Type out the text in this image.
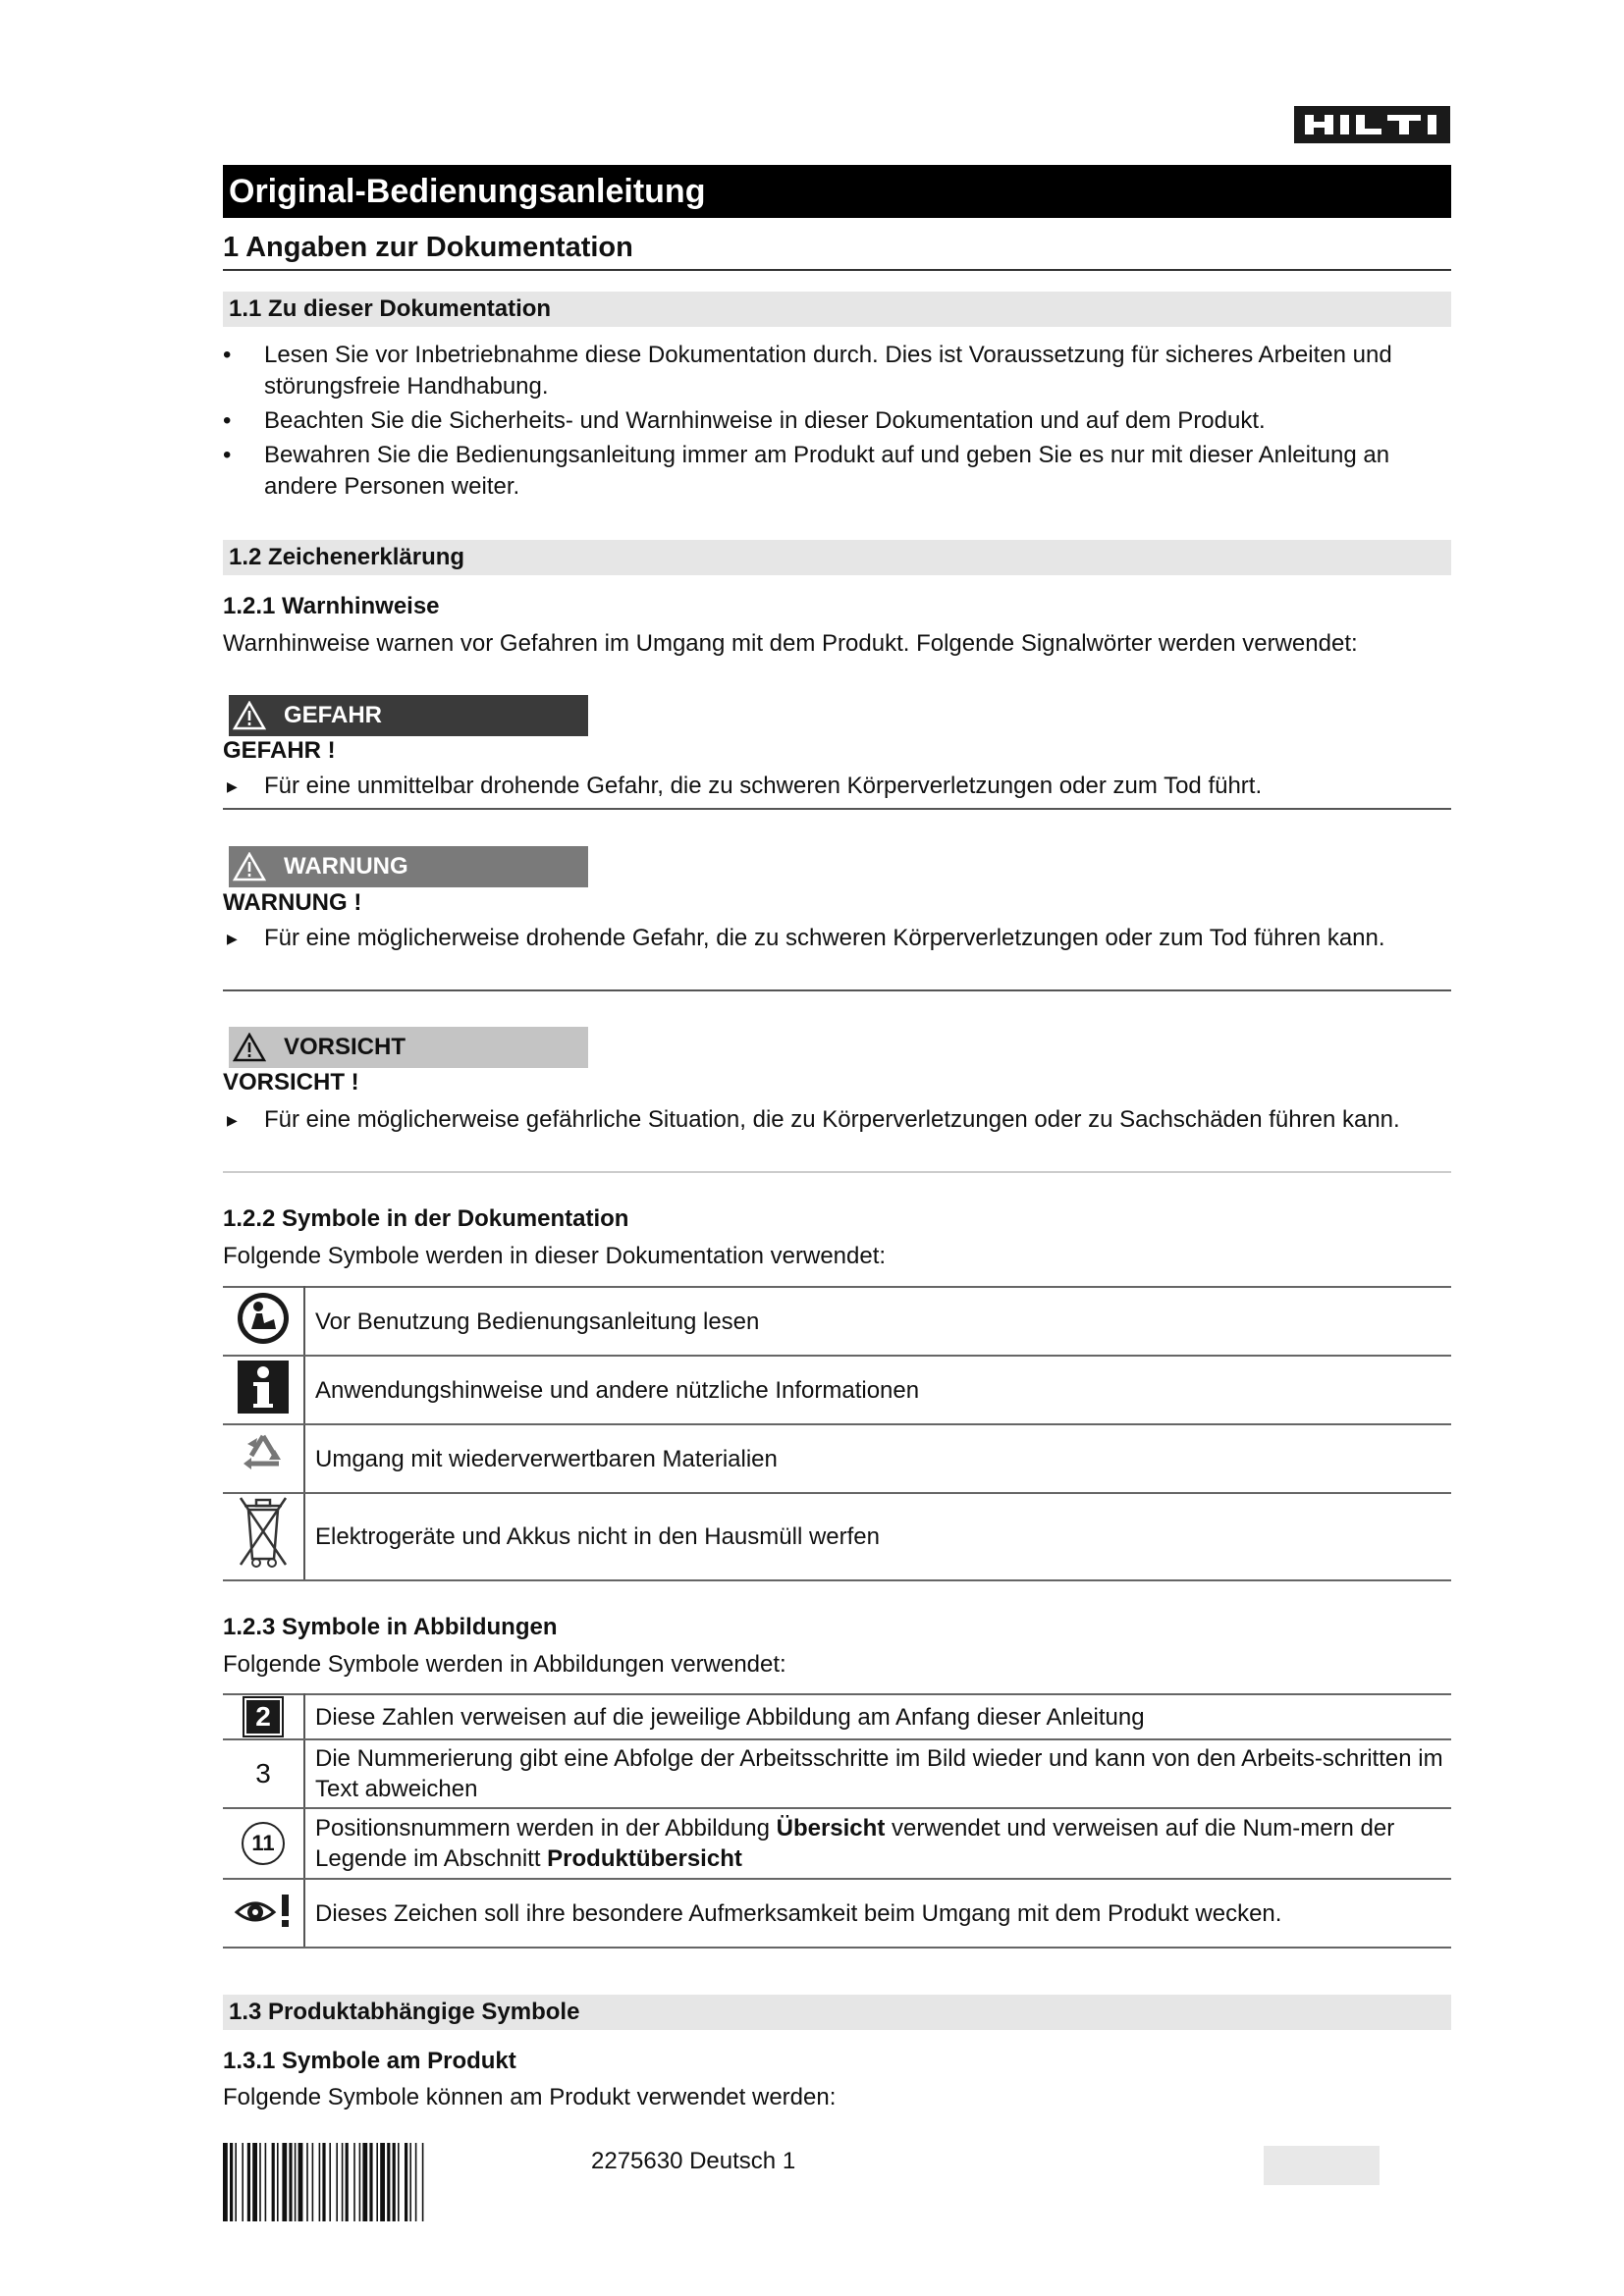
Original-Bedienungsanleitung
1 Angaben zur Dokumentation
1.1 Zu dieser Dokumentation
• Lesen Sie vor Inbetriebnahme diese Dokumentation durch. Dies ist Voraussetzung für sicheres Arbeiten und störungsfreie Handhabung.
• Beachten Sie die Sicherheits- und Warnhinweise in dieser Dokumentation und auf dem Produkt.
• Bewahren Sie die Bedienungsanleitung immer am Produkt auf und geben Sie es nur mit dieser Anleitung an andere Personen weiter.
1.2 Zeichenerklärung
1.2.1 Warnhinweise
Warnhinweise warnen vor Gefahren im Umgang mit dem Produkt. Folgende Signalwörter werden verwendet:
GEFAHR
GEFAHR !
▶ Für eine unmittelbar drohende Gefahr, die zu schweren Körperverletzungen oder zum Tod führt.
WARNUNG
WARNUNG !
▶ Für eine möglicherweise drohende Gefahr, die zu schweren Körperverletzungen oder zum Tod führen kann.
VORSICHT
VORSICHT !
▶ Für eine möglicherweise gefährliche Situation, die zu Körperverletzungen oder zu Sachschäden führen kann.
1.2.2 Symbole in der Dokumentation
Folgende Symbole werden in dieser Dokumentation verwendet:
	Vor Benutzung Bedienungsanleitung lesen
	Anwendungshinweise und andere nützliche Informationen
	Umgang mit wiederverwertbaren Materialien
	Elektrogeräte und Akkus nicht in den Hausmüll werfen
1.2.3 Symbole in Abbildungen
Folgende Symbole werden in Abbildungen verwendet:
2	Diese Zahlen verweisen auf die jeweilige Abbildung am Anfang dieser Anleitung
3	Die Nummerierung gibt eine Abfolge der Arbeitsschritte im Bild wieder und kann von den Arbeits-schritten im Text abweichen
11	Positionsnummern werden in der Abbildung Übersicht verwendet und verweisen auf die Num-mern der Legende im Abschnitt Produktübersicht
	Dieses Zeichen soll ihre besondere Aufmerksamkeit beim Umgang mit dem Produkt wecken.
1.3 Produktabhängige Symbole
1.3.1 Symbole am Produkt
Folgende Symbole können am Produkt verwendet werden:
2275630 Deutsch 1
